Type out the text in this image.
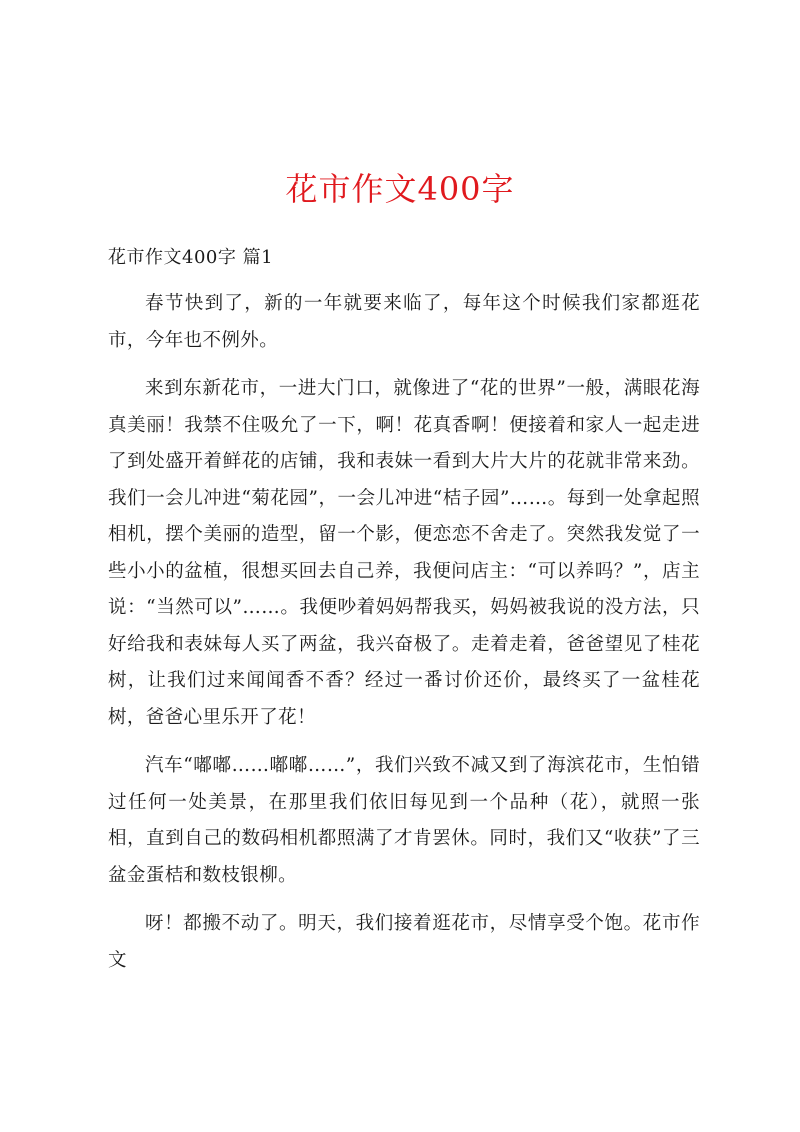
花市作文400字
花市作文400字 篇1

春节快到了，新的一年就要来临了，每年这个时候我们家都逛花市，今年也不例外。

来到东新花市，一进大门口，就像进了“花的世界”一般，满眼花海真美丽！我禁不住吸允了一下，啊！花真香啊！便接着和家人一起走进了到处盛开着鲜花的店铺，我和表妹一看到大片大片的花就非常来劲。我们一会儿冲进“菊花园”，一会儿冲进“桔子园”……。每到一处拿起照相机，摆个美丽的造型，留一个影，便恋恋不舍走了。突然我发觉了一些小小的盆植，很想买回去自己养，我便问店主：“可以养吗？”，店主说：“当然可以”……。我便吵着妈妈帮我买，妈妈被我说的没方法，只好给我和表妹每人买了两盆，我兴奋极了。走着走着，爸爸望见了桂花树，让我们过来闻闻香不香？经过一番讨价还价，最终买了一盆桂花树，爸爸心里乐开了花！

汽车“嘟嘟……嘟嘟……”，我们兴致不减又到了海滨花市，生怕错过任何一处美景，在那里我们依旧每见到一个品种（花），就照一张相，直到自己的数码相机都照满了才肯罢休。同时，我们又“收获”了三盆金蛋桔和数枝银柳。

呀！都搬不动了。明天，我们接着逛花市，尽情享受个饱。花市作文
